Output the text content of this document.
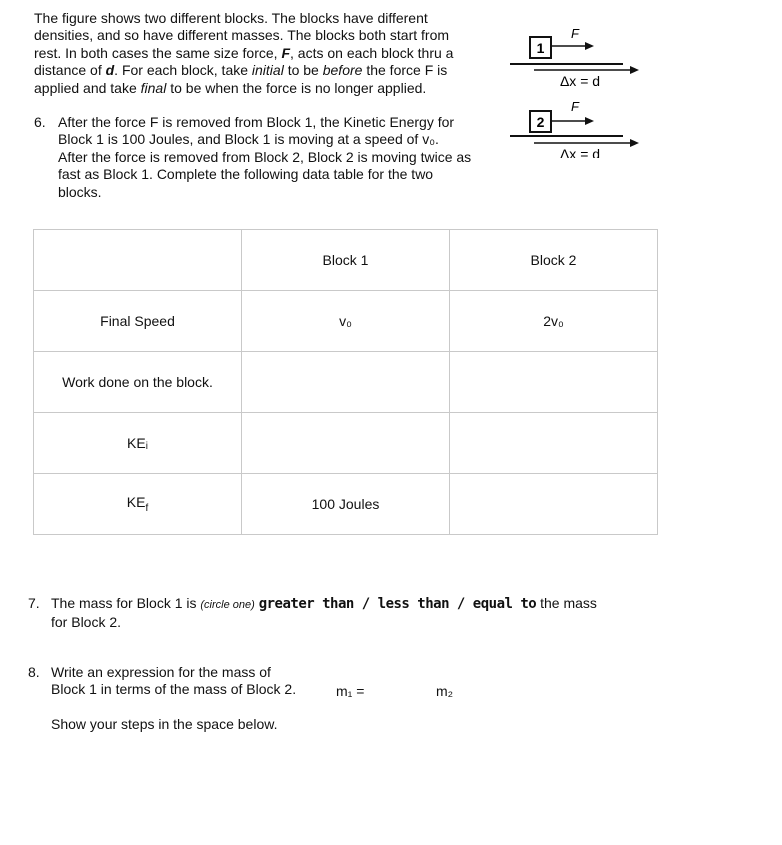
The figure shows two different blocks. The blocks have different
densities, and so have different masses. The blocks both start from
rest. In both cases the same size force, F, acts on each block thru a
distance of d. For each block, take initial to be before the force F is
applied and take final to be when the force is no longer applied.
1
F
Δx = d
2
F
Δx = d
6. After the force F is removed from Block 1, the Kinetic Energy for
Block 1 is 100 Joules, and Block 1 is moving at a speed of v₀.
After the force is removed from Block 2, Block 2 is moving twice as
fast as Block 1. Complete the following data table for the two
blocks.
	Block 1	Block 2
Final Speed	v₀	2v₀
Work done on the block.		
KEᵢ		
$KE_f$	100 Joules	
7. The mass for Block 1 is (circle one) greater than / less than / equal to the mass
for Block 2.
8. Write an expression for the mass of
Block 1 in terms of the mass of Block 2.	m₁ =	m₂
Show your steps in the space below.
